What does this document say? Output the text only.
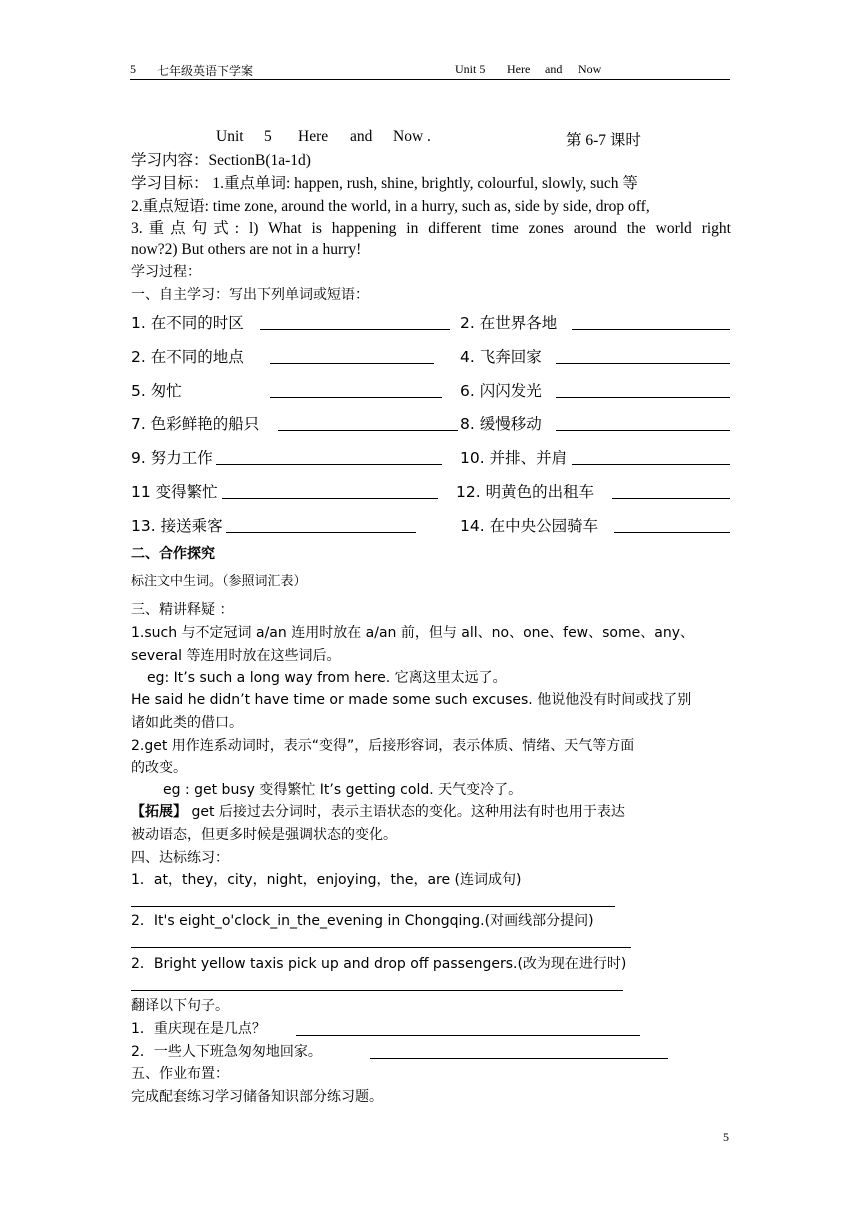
5 七年级英语下学案	Unit 5 Here and Now
Unit 5 Here and Now .	第 6-7 课时
学习内容：SectionB(1a-1d)
学习目标： 1.重点单词: happen, rush, shine, brightly, colourful, slowly, such 等
2.重点短语: time zone, around the world, in a hurry, such as, side by side, drop off,
3.重点句式: l) What is happening in different time zones around the world right
now?2) But others are not in a hurry!
学习过程：
一、自主学习：写出下列单词或短语：
1. 在不同的时区	2. 在世界各地
2. 在不同的地点	4. 飞奔回家
5. 匆忙	6. 闪闪发光
7. 色彩鲜艳的船只	8. 缓慢移动
9. 努力工作	10. 并排、并肩
11 变得繁忙	12. 明黄色的出租车
13. 接送乘客	14. 在中央公园骑车
二、合作探究
标注文中生词。（参照词汇表）
三、精讲释疑 ：
1.such 与不定冠词 a/an 连用时放在 a/an 前，但与 all、no、one、few、some、any、
several 等连用时放在这些词后。
eg: It’s such a long way from here. 它离这里太远了。
He said he didn’t have time or made some such excuses. 他说他没有时间或找了别
诸如此类的借口。
2.get 用作连系动词时，表示“变得”，后接形容词，表示体质、情绪、天气等方面
的改变。
eg : get busy 变得繁忙 It’s getting cold. 天气变冷了。
【拓展】 get 后接过去分词时，表示主语状态的变化。这种用法有时也用于表达
被动语态，但更多时候是强调状态的变化。
四、达标练习：
1．at，they，city，night，enjoying，the，are (连词成句)
2．It's eight_o'clock_in_the_evening in Chongqing.(对画线部分提问)
2．Bright yellow taxis pick up and drop off passengers.(改为现在进行时)
翻译以下句子。
1．重庆现在是几点？
2．一些人下班急匆匆地回家。
五、作业布置：
完成配套练习学习储备知识部分练习题。
5
